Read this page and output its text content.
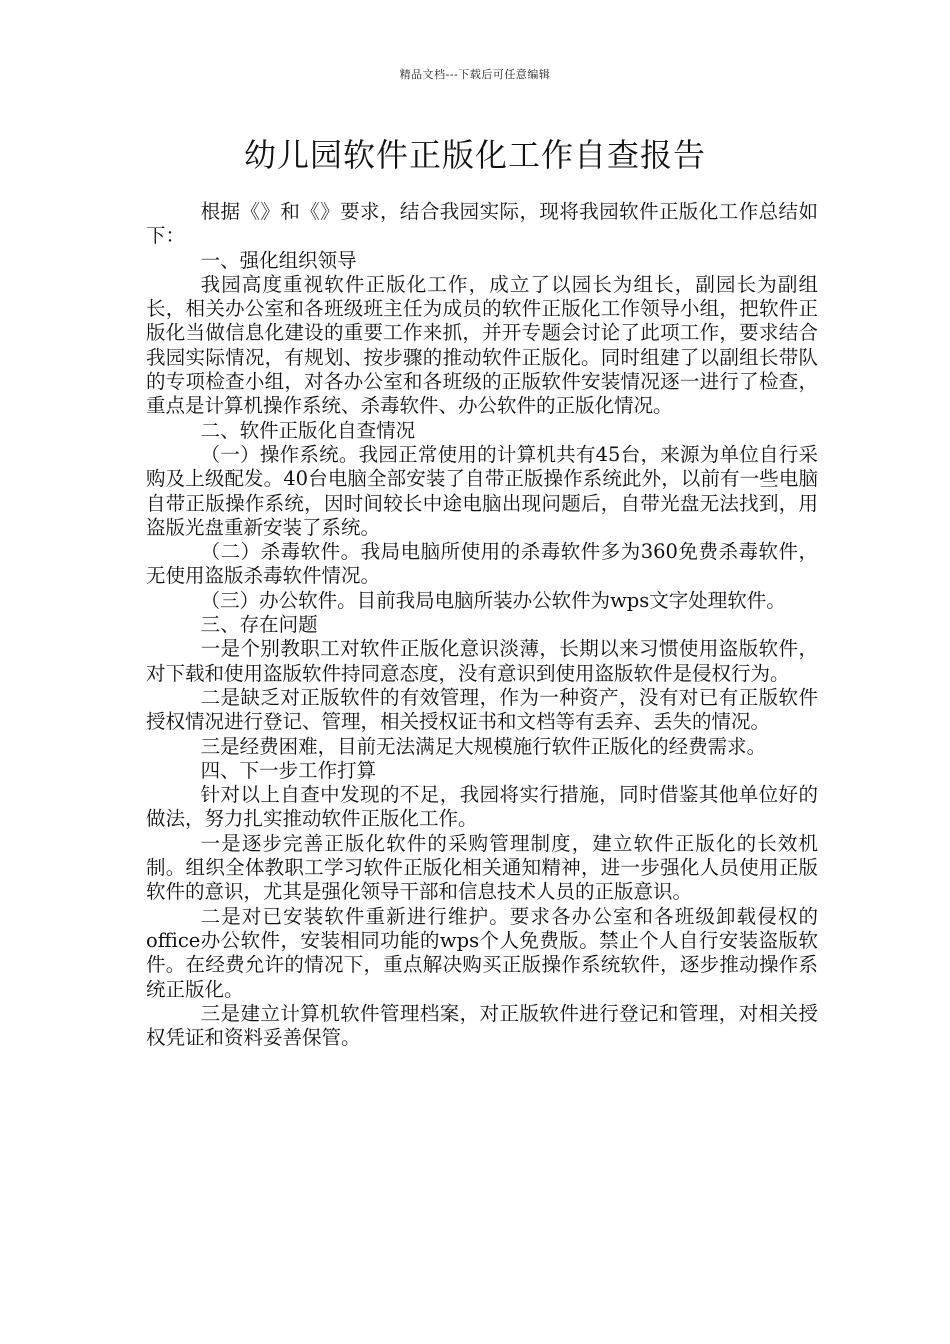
精品文档---下载后可任意编辑
幼儿园软件正版化工作自查报告

根据《》和《》要求，结合我园实际，现将我园软件正版化工作总结如下：

一、强化组织领导

我园高度重视软件正版化工作，成立了以园长为组长，副园长为副组长，相关办公室和各班级班主任为成员的软件正版化工作领导小组，把软件正版化当做信息化建设的重要工作来抓，并开专题会讨论了此项工作，要求结合我园实际情况，有规划、按步骤的推动软件正版化。同时组建了以副组长带队的专项检查小组，对各办公室和各班级的正版软件安装情况逐一进行了检查，重点是计算机操作系统、杀毒软件、办公软件的正版化情况。

二、软件正版化自查情况

（一）操作系统。我园正常使用的计算机共有45台，来源为单位自行采购及上级配发。40台电脑全部安装了自带正版操作系统此外，以前有一些电脑自带正版操作系统，因时间较长中途电脑出现问题后，自带光盘无法找到，用盗版光盘重新安装了系统。

（二）杀毒软件。我局电脑所使用的杀毒软件多为360免费杀毒软件，无使用盗版杀毒软件情况。

（三）办公软件。目前我局电脑所装办公软件为wps文字处理软件。

三、存在问题

一是个别教职工对软件正版化意识淡薄，长期以来习惯使用盗版软件，对下载和使用盗版软件持同意态度，没有意识到使用盗版软件是侵权行为。

二是缺乏对正版软件的有效管理，作为一种资产，没有对已有正版软件授权情况进行登记、管理，相关授权证书和文档等有丢弃、丢失的情况。

三是经费困难，目前无法满足大规模施行软件正版化的经费需求。

四、下一步工作打算

针对以上自查中发现的不足，我园将实行措施，同时借鉴其他单位好的做法，努力扎实推动软件正版化工作。

一是逐步完善正版化软件的采购管理制度，建立软件正版化的长效机制。组织全体教职工学习软件正版化相关通知精神，进一步强化人员使用正版软件的意识，尤其是强化领导干部和信息技术人员的正版意识。

二是对已安装软件重新进行维护。要求各办公室和各班级卸载侵权的office办公软件，安装相同功能的wps个人免费版。禁止个人自行安装盗版软件。在经费允许的情况下，重点解决购买正版操作系统软件，逐步推动操作系统正版化。

三是建立计算机软件管理档案，对正版软件进行登记和管理，对相关授权凭证和资料妥善保管。
